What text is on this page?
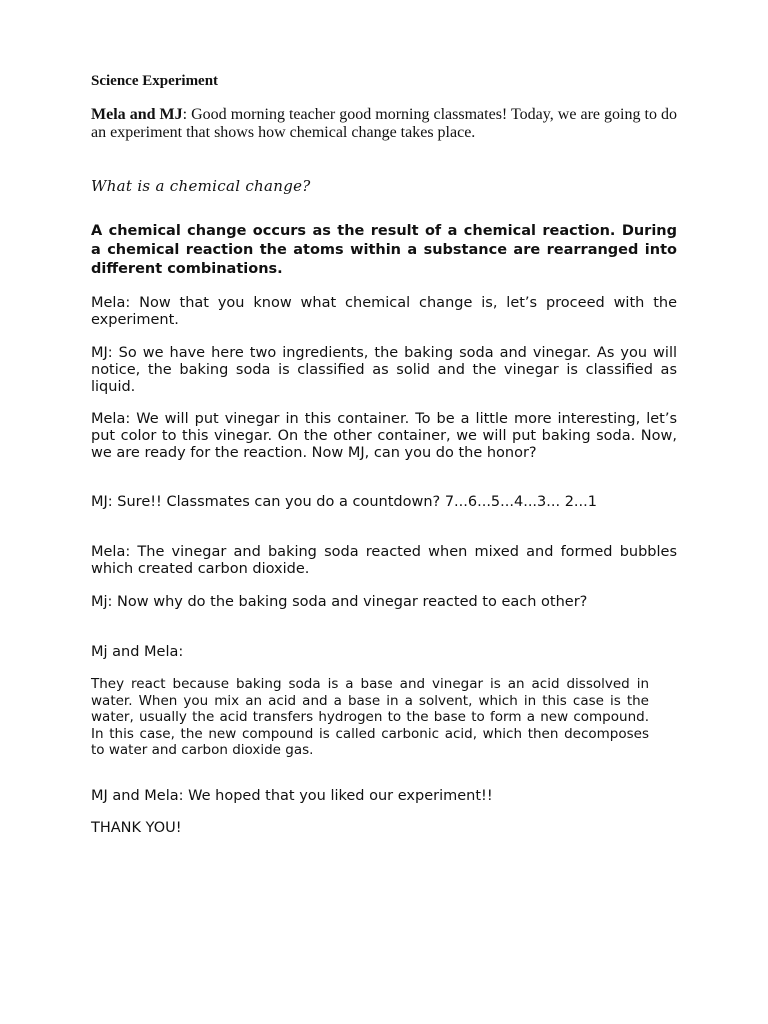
Science Experiment

Mela and MJ: Good morning teacher good morning classmates! Today, we are going to do an experiment that shows how chemical change takes place.

What is a chemical change?

A chemical change occurs as the result of a chemical reaction. During a chemical reaction the atoms within a substance are rearranged into different combinations.

Mela: Now that you know what chemical change is, let’s proceed with the experiment.

MJ: So we have here two ingredients, the baking soda and vinegar. As you will notice, the baking soda is classified as solid and the vinegar is classified as liquid.

Mela: We will put vinegar in this container. To be a little more interesting, let’s put color to this vinegar. On the other container, we will put baking soda. Now, we are ready for the reaction. Now MJ, can you do the honor?

MJ: Sure!! Classmates can you do a countdown? 7...6...5...4...3... 2...1

Mela: The vinegar and baking soda reacted when mixed and formed bubbles which created carbon dioxide.

Mj: Now why do the baking soda and vinegar reacted to each other?

Mj and Mela:

They react because baking soda is a base and vinegar is an acid dissolved in water. When you mix an acid and a base in a solvent, which in this case is the water, usually the acid transfers hydrogen to the base to form a new compound. In this case, the new compound is called carbonic acid, which then decomposes to water and carbon dioxide gas.

MJ and Mela: We hoped that you liked our experiment!!

THANK YOU!
